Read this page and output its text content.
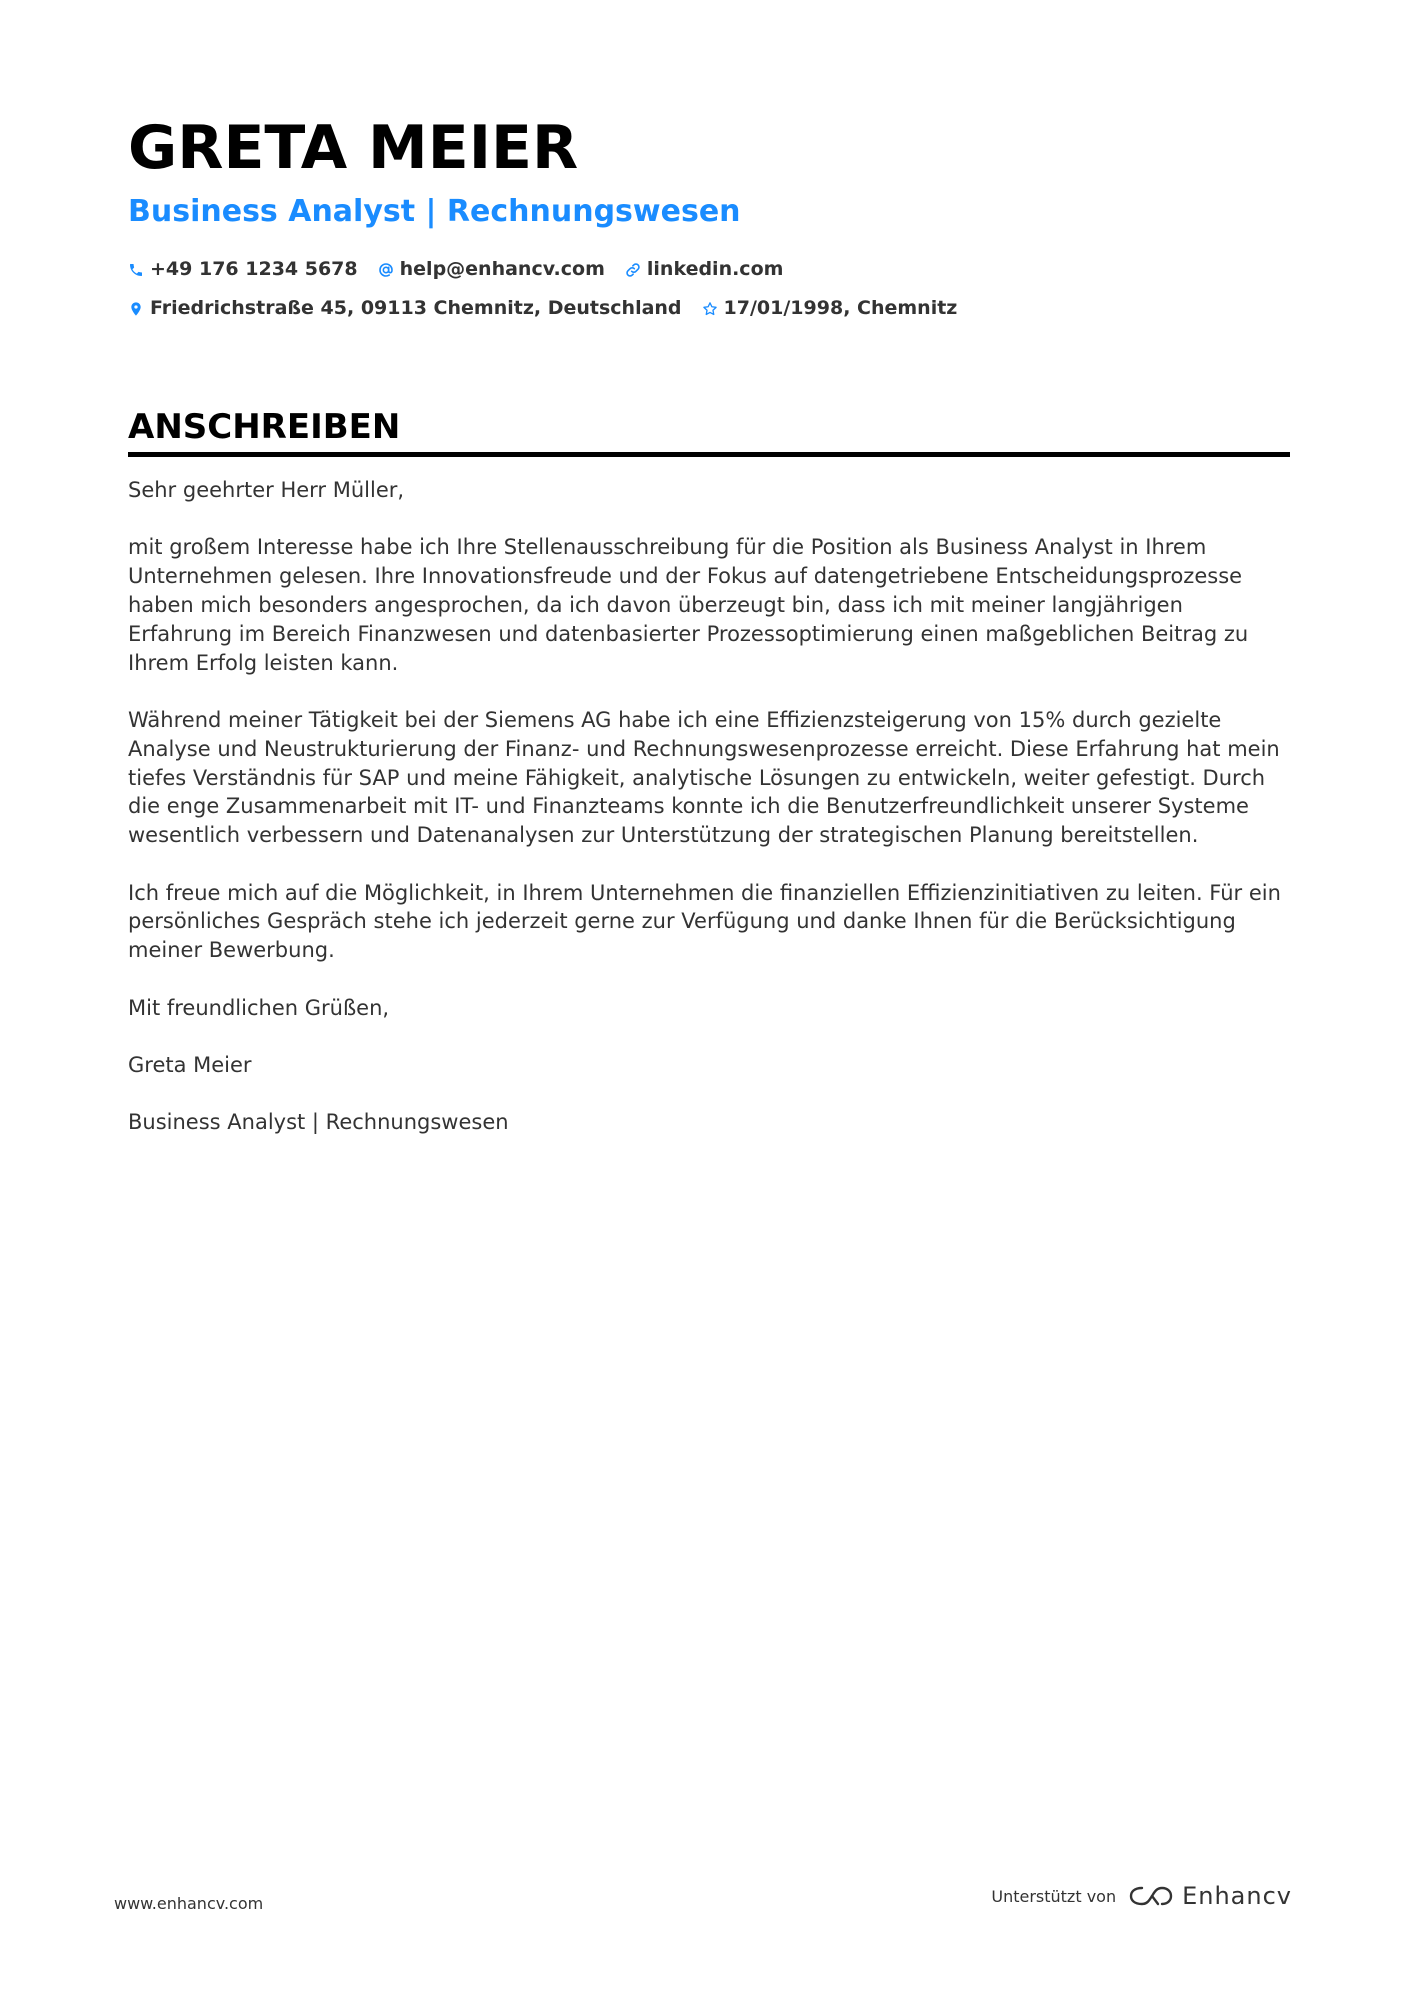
GRETA MEIER
Business Analyst | Rechnungswesen
+49 176 1234 5678 help@enhancv.com linkedin.com
Friedrichstraße 45, 09113 Chemnitz, Deutschland 17/01/1998, Chemnitz
ANSCHREIBEN

Sehr geehrter Herr Müller,

mit großem Interesse habe ich Ihre Stellenausschreibung für die Position als Business Analyst in Ihrem Unternehmen gelesen. Ihre Innovationsfreude und der Fokus auf datengetriebene Entscheidungsprozesse haben mich besonders angesprochen, da ich davon überzeugt bin, dass ich mit meiner langjährigen Erfahrung im Bereich Finanzwesen und datenbasierter Prozessoptimierung einen maßgeblichen Beitrag zu Ihrem Erfolg leisten kann.

Während meiner Tätigkeit bei der Siemens AG habe ich eine Effizienzsteigerung von 15% durch gezielte Analyse und Neustrukturierung der Finanz- und Rechnungswesenprozesse erreicht. Diese Erfahrung hat mein tiefes Verständnis für SAP und meine Fähigkeit, analytische Lösungen zu entwickeln, weiter gefestigt. Durch die enge Zusammenarbeit mit IT- und Finanzteams konnte ich die Benutzerfreundlichkeit unserer Systeme wesentlich verbessern und Datenanalysen zur Unterstützung der strategischen Planung bereitstellen.

Ich freue mich auf die Möglichkeit, in Ihrem Unternehmen die finanziellen Effizienzinitiativen zu leiten. Für ein persönliches Gespräch stehe ich jederzeit gerne zur Verfügung und danke Ihnen für die Berücksichtigung meiner Bewerbung.

Mit freundlichen Grüßen,

Greta Meier

Business Analyst | Rechnungswesen

www.enhancv.com	Unterstützt von	Enhancv
